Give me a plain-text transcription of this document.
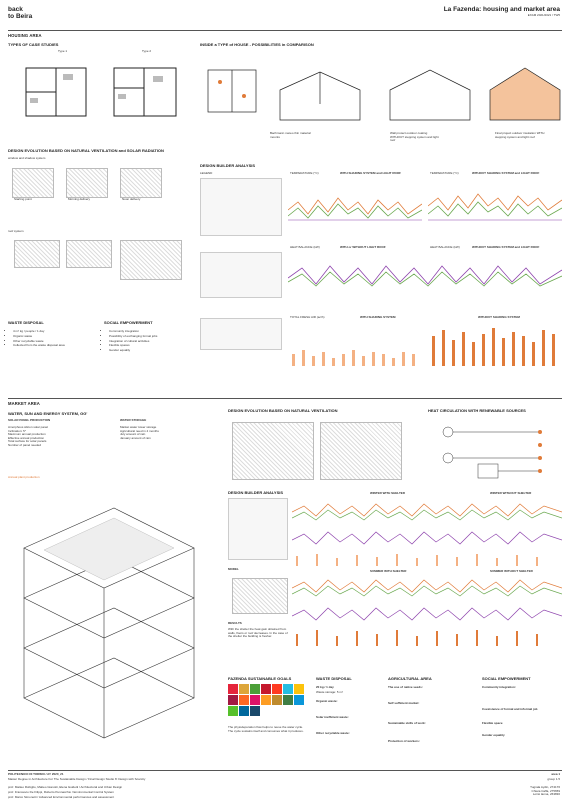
back
to Beira
La Fazenda: housing and market area
EXAM 2021/2021 / TW5
HOUSING AREA
TYPES OF CASE STUDIES
Type 1	Type 2
INSIDE a TYPE of HOUSE - POSSIBILITIES in COMPARISON
Bachmann meteo thin material mounts
Wall protect outdoor coating WITHOUT stepping system and light roof
Final project outdoor insulation WITH stepping system and light roof
DESIGN EVOLUTION BASED ON NATURAL VENTILATION and SOLAR RADIATION
window and shadow system
Starting point	Morning delivery	Noon delivery
roof system
DESIGN BUILDER ANALYSIS
LEGEND	TEMPERATURE (°C)	WITH SHADING SYSTEM and LIGHT ROOF	TEMPERATURE (°C)	WITHOUT SHADING SYSTEM and LIGHT ROOF
HEAT BALANCE (kW)	WITH or WITHOUT LIGHT ROOF	HEAT BALANCE (kW)	WITHOUT SHADING SYSTEM and LIGHT ROOF
TOTAL FRESH AIR (ac/h)	WITH SHADING SYSTEM	WITHOUT SHADING SYSTEM
WASTE DISPOSAL	SOCIAL EMPOWERMENT
• 4 m³ kg / people / 1 day
• Organic waste
• Other recyclable waste
• Collected from the waste disposal area
• Community integration
• Possibility of exchanging formal jobs
• Integration of cultural activities
• Flexible spaces
• Gender equality
MARKET AREA
WATER, SUN AND ENERGY SYSTEM, GG'
SOLAR PANEL PRODUCTION	WATER STORAGE
Amorphous silicon solar panel
Inclination: 5°
Maximum annual production
Effective annual production
Total surface for solar panels
Number of panel needed
Market water tower storage
Agricultural need in 4 months
July amount of rain
January amount of rain
Annual plant production
DESIGN EVOLUTION BASED ON NATURAL VENTILATION	HEAT CIRCULATION WITH RENEWABLE SOURCES
DESIGN BUILDER ANALYSIS
MODEL
RESULTS
With the shelter the heat gain obtained from walls, floors or roof decreases. In the case of the shelter the building is fresher.
WINTER WITH SHELTER	WINTER WITHOUT SHELTER
SUMMER WITH SHELTER	SUMMER WITHOUT SHELTER
FAZENDA SUSTAINABLE GOALS
The phytodepuration flow helps to reuse the water cycle. The cycle sustains itself and consumes what it produces.
WASTE DISPOSAL
20 kg / 1 day
Waste storage: 5 m³
Organic waste:
Solar inefficient waste:
Other recyclable waste:
AGRICULTURAL AREA
The use of native seeds:
Self sufficient market:
Sustainable skills of work:
Protection of workers:
SOCIAL EMPOWERMENT
Community integration:
Coexistence of formal and informal job
Flexible space
Gender equality
POLITECNICO DI TORINO / AY 2020_21
Master Degree in Architecture For The Sustainable Design / Final Design Studio 8: Design with Scarcity
prof. Matteo Robiglio, Matteo Gianotti, Elena Guidetti / Architectural and Urban Design
prof. Francesco De Filippi, Roberto Pennacchio / Environmental Control System
prof. Marco Simonetti / Advanced Environmental performances and assessment
area 1
group 1.5
Tugrala Aydin, 274176
Chiara Caffa, 275659
Lorisi Ianna, 263830
